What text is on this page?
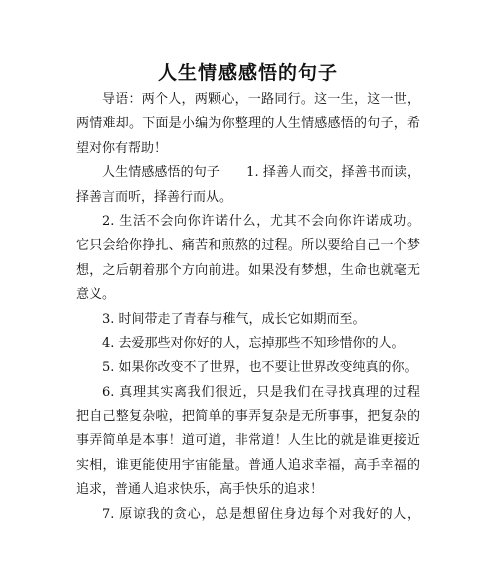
人生情感感悟的句子
导语：两个人，两颗心，一路同行。这一生，这一世，
两情难却。下面是小编为你整理的人生情感感悟的句子，希
望对你有帮助！
人生情感感悟的句子　　1. 择善人而交，择善书而读，
择善言而听，择善行而从。
2. 生活不会向你许诺什么，尤其不会向你许诺成功。
它只会给你挣扎、痛苦和煎熬的过程。所以要给自己一个梦
想，之后朝着那个方向前进。如果没有梦想，生命也就毫无
意义。
3. 时间带走了青春与稚气，成长它如期而至。
4. 去爱那些对你好的人，忘掉那些不知珍惜你的人。
5. 如果你改变不了世界，也不要让世界改变纯真的你。
6. 真理其实离我们很近，只是我们在寻找真理的过程
把自己整复杂啦，把简单的事弄复杂是无所事事，把复杂的
事弄简单是本事！道可道，非常道！人生比的就是谁更接近
实相，谁更能使用宇宙能量。普通人追求幸福，高手幸福的
追求，普通人追求快乐，高手快乐的追求！
7. 原谅我的贪心，总是想留住身边每个对我好的人，
